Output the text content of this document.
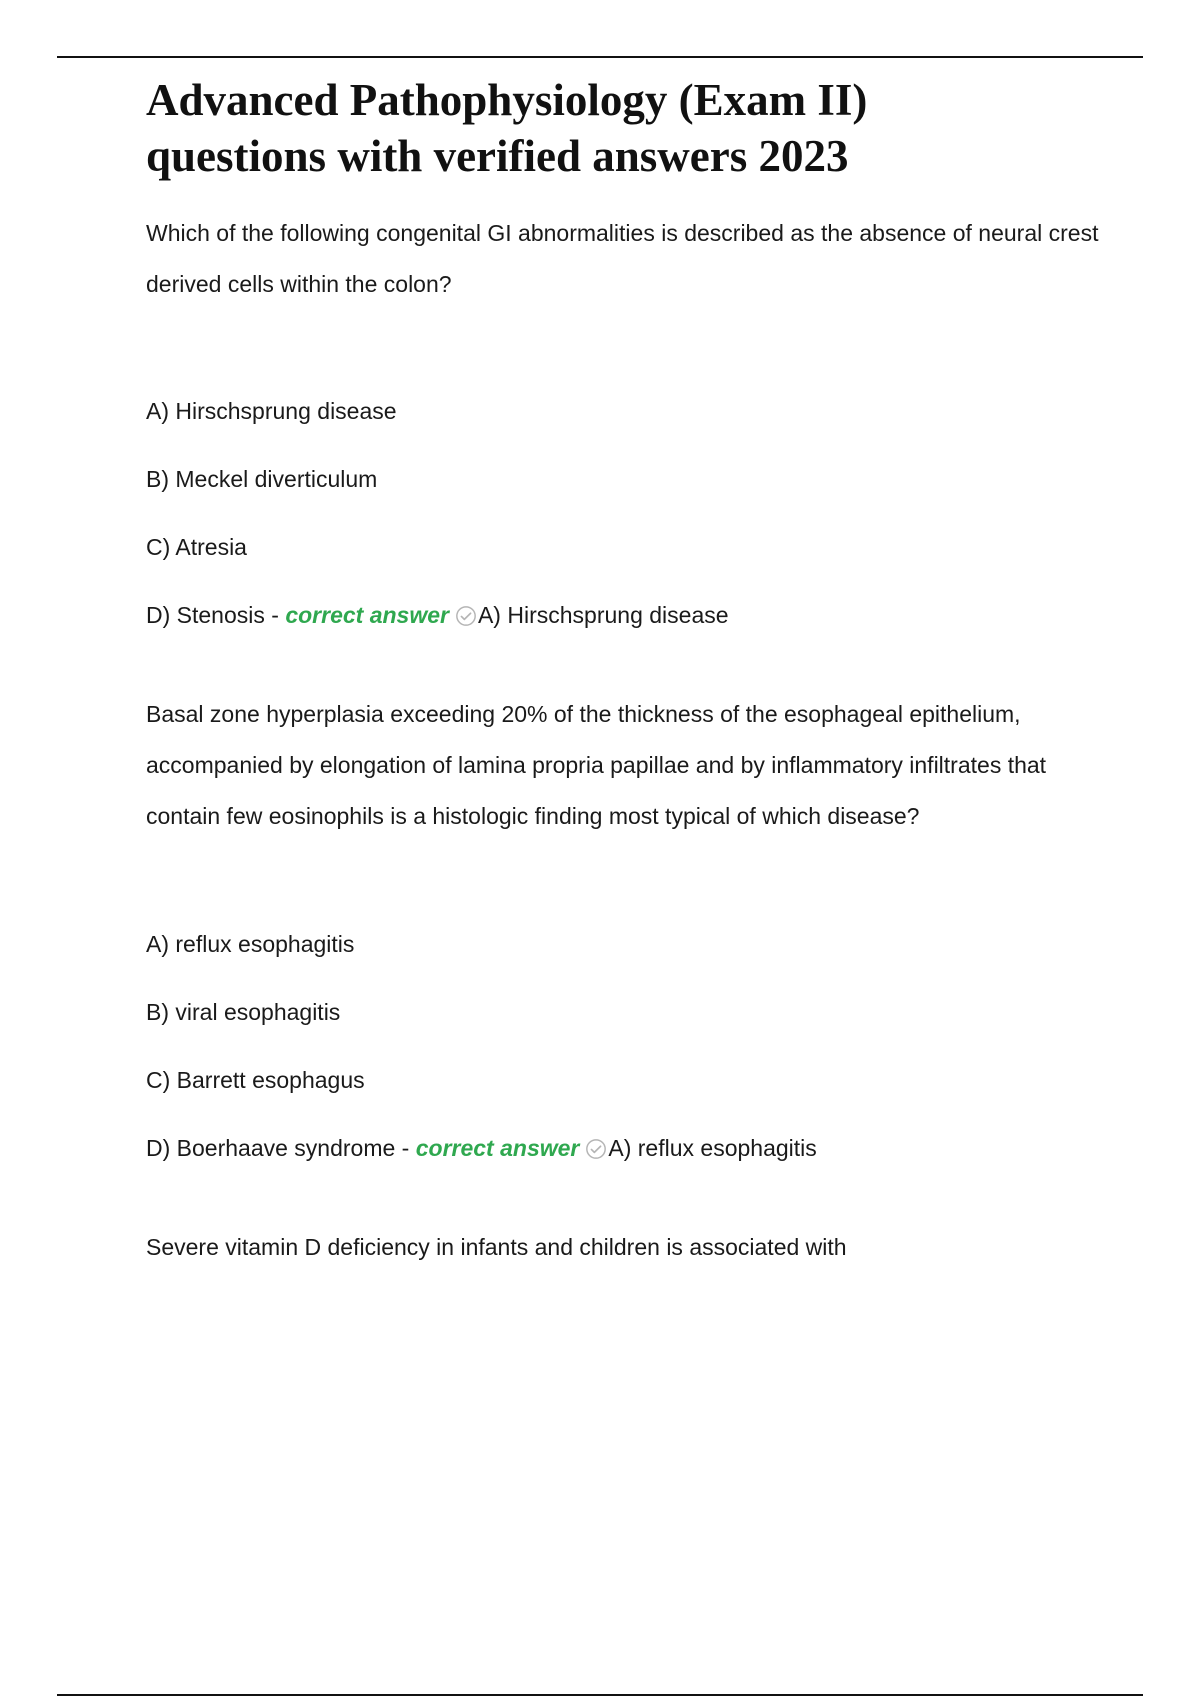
Advanced Pathophysiology (Exam II)
questions with verified answers 2023

Which of the following congenital GI abnormalities is described as the absence of neural crest derived cells within the colon?

A) Hirschsprung disease
B) Meckel diverticulum
C) Atresia
D) Stenosis - correct answer A) Hirschsprung disease

Basal zone hyperplasia exceeding 20% of the thickness of the esophageal epithelium, accompanied by elongation of lamina propria papillae and by inflammatory infiltrates that contain few eosinophils is a histologic finding most typical of which disease?

A) reflux esophagitis
B) viral esophagitis
C) Barrett esophagus
D) Boerhaave syndrome - correct answer A) reflux esophagitis

Severe vitamin D deficiency in infants and children is associated with
